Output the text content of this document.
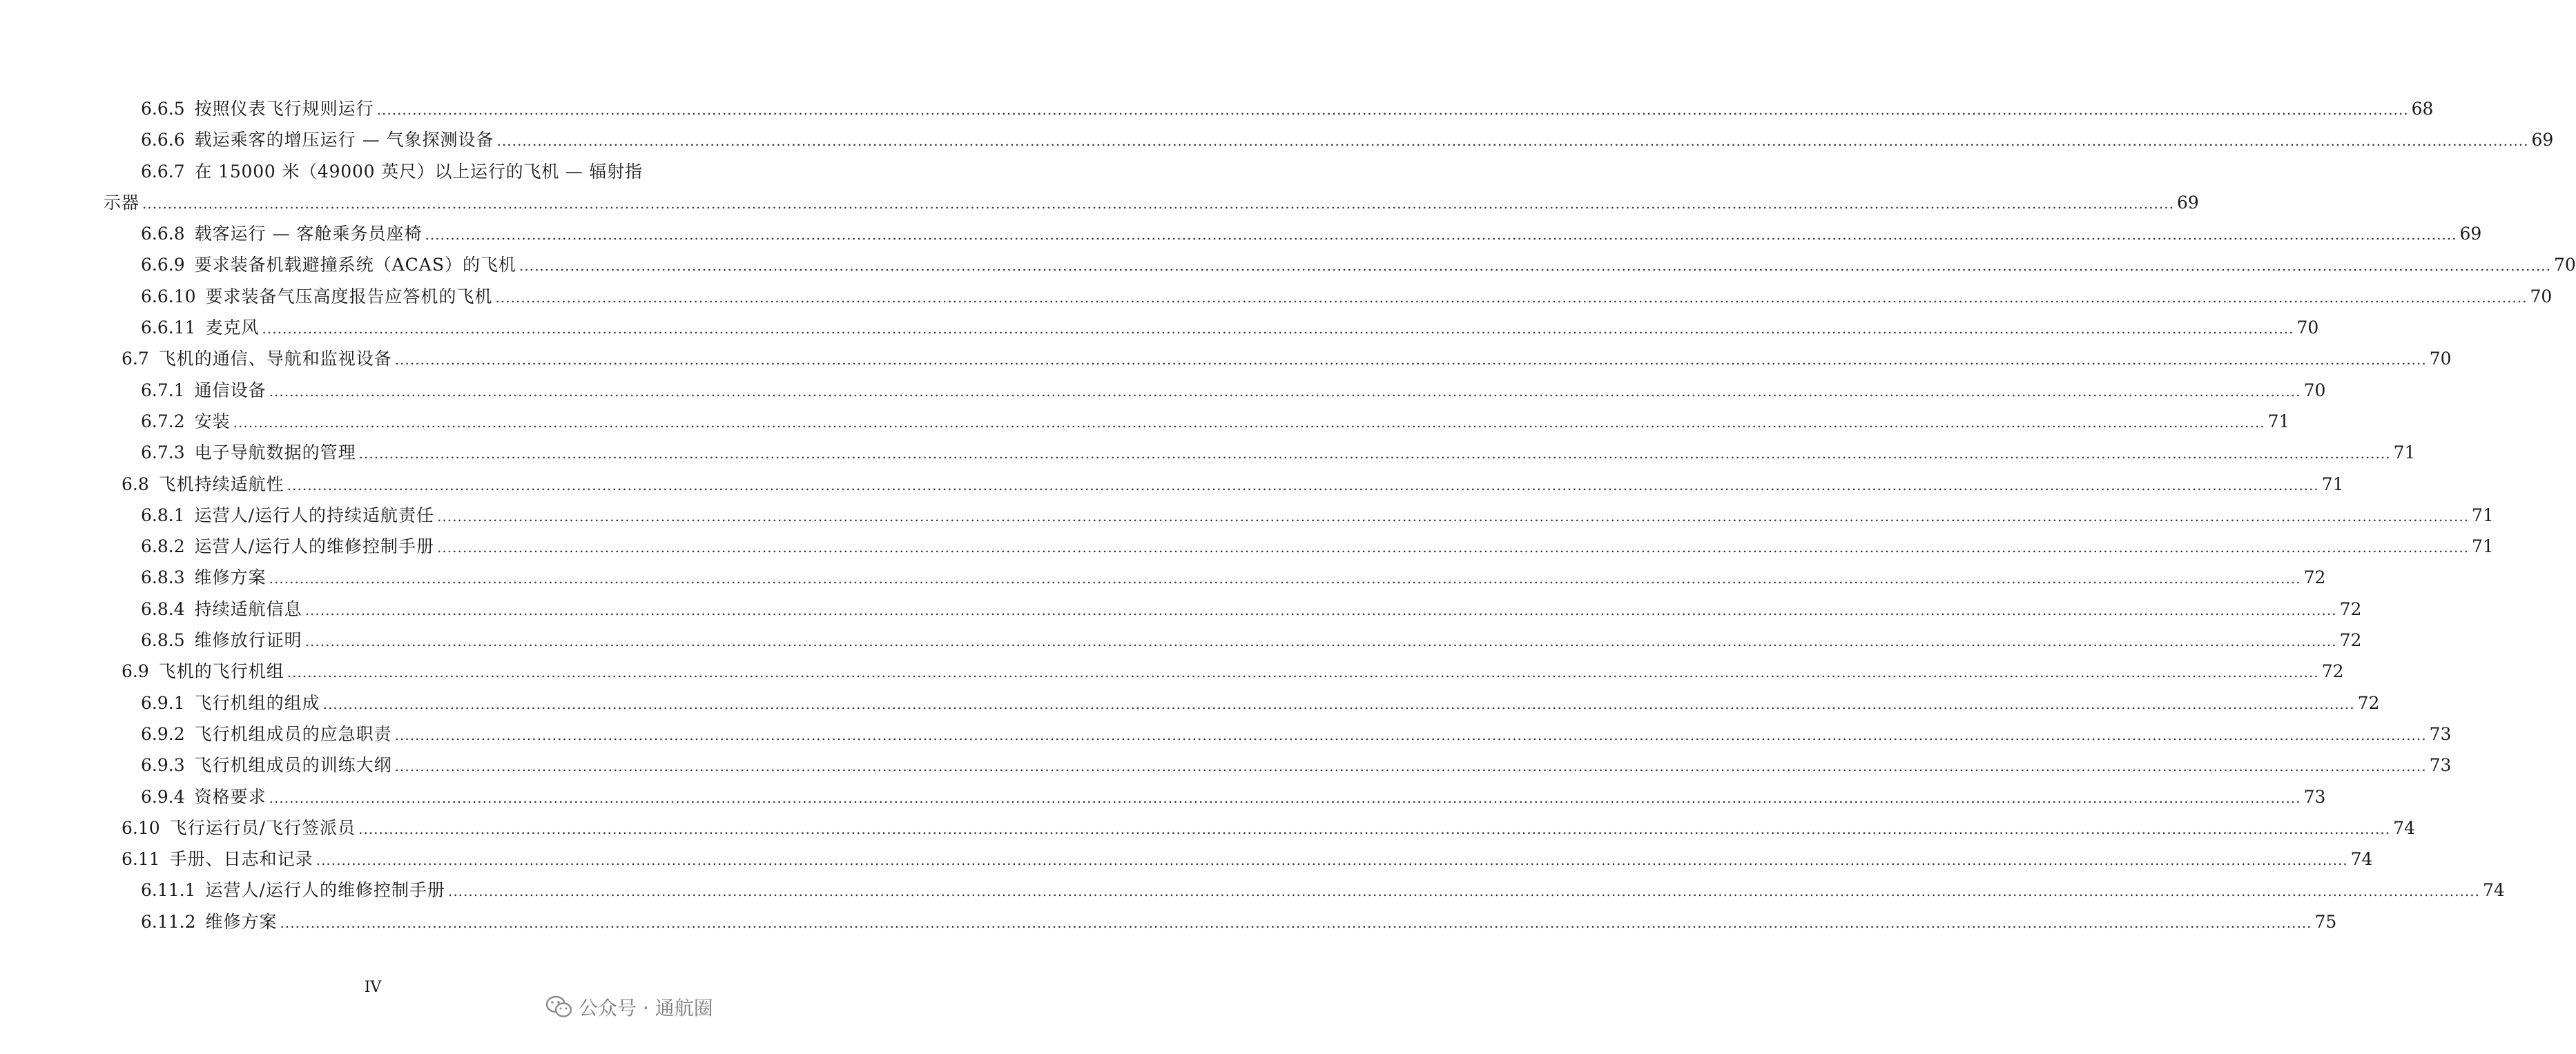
6.6.5 按照仪表飞行规则运行 ................................................................................................................................................................................................................................................................................................................................................................................................................ 68
6.6.6 载运乘客的增压运行 — 气象探测设备 ................................................................................................................................................................................................................................................................................................................................................................................................................ 69
6.6.7 在
1 5 0 0 0
米 （ 4 9 0 0 0
英 尺 ） 以 上 运 行 的 飞 机
—
辐 射 指
示器 ................................................................................................................................................................................................................................................................................................................................................................................................................ 69
6.6.8 载客运行 — 客舱乘务员座椅 ................................................................................................................................................................................................................................................................................................................................................................................................................ 69
6.6.9 要求装备机载避撞系统（ACAS）的飞机 ................................................................................................................................................................................................................................................................................................................................................................................................................ 70
6.6.10 要求装备气压高度报告应答机的飞机 ................................................................................................................................................................................................................................................................................................................................................................................................................ 70
6.6.11 麦克风 ................................................................................................................................................................................................................................................................................................................................................................................................................ 70
6.7 飞机的通信、导航和监视设备 ................................................................................................................................................................................................................................................................................................................................................................................................................ 70
6.7.1 通信设备 ................................................................................................................................................................................................................................................................................................................................................................................................................ 70
6.7.2 安装 ................................................................................................................................................................................................................................................................................................................................................................................................................ 71
6.7.3 电子导航数据的管理 ................................................................................................................................................................................................................................................................................................................................................................................................................ 71
6.8 飞机持续适航性 ................................................................................................................................................................................................................................................................................................................................................................................................................ 71
6.8.1 运营人/运行人的持续适航责任 ................................................................................................................................................................................................................................................................................................................................................................................................................ 71
6.8.2 运营人/运行人的维修控制手册 ................................................................................................................................................................................................................................................................................................................................................................................................................ 71
6.8.3 维修方案 ................................................................................................................................................................................................................................................................................................................................................................................................................ 72
6.8.4 持续适航信息 ................................................................................................................................................................................................................................................................................................................................................................................................................ 72
6.8.5 维修放行证明 ................................................................................................................................................................................................................................................................................................................................................................................................................ 72
6.9 飞机的飞行机组 ................................................................................................................................................................................................................................................................................................................................................................................................................ 72
6.9.1 飞行机组的组成 ................................................................................................................................................................................................................................................................................................................................................................................................................ 72
6.9.2 飞行机组成员的应急职责 ................................................................................................................................................................................................................................................................................................................................................................................................................ 73
6.9.3 飞行机组成员的训练大纲 ................................................................................................................................................................................................................................................................................................................................................................................................................ 73
6.9.4 资格要求 ................................................................................................................................................................................................................................................................................................................................................................................................................ 73
6.10 飞行运行员/飞行签派员 ................................................................................................................................................................................................................................................................................................................................................................................................................ 74
6.11 手册、日志和记录 ................................................................................................................................................................................................................................................................................................................................................................................................................ 74
6.11.1 运营人/运行人的维修控制手册 ................................................................................................................................................................................................................................................................................................................................................................................................................ 74
6.11.2 维修方案 ................................................................................................................................................................................................................................................................................................................................................................................................................ 75
IV
公众号 · 通航圈
